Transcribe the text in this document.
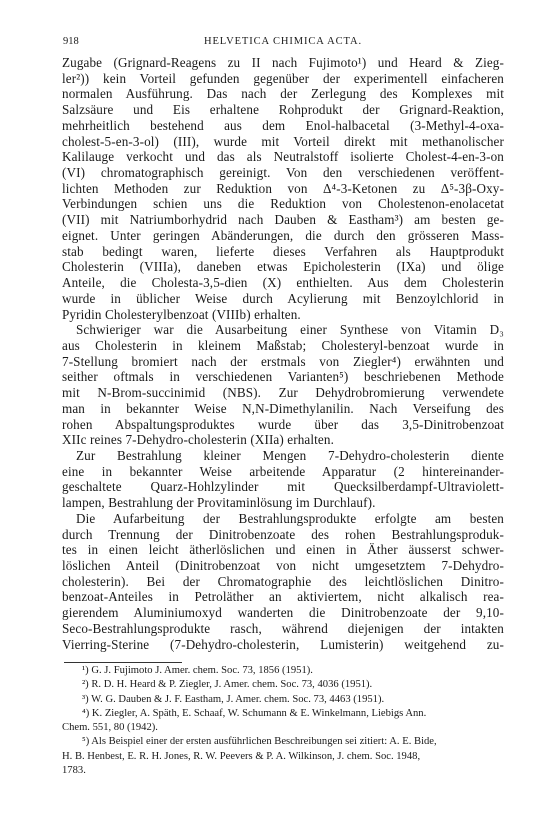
918	HELVETICA CHIMICA ACTA.
Zugabe (Grignard-Reagens zu II nach Fujimoto¹) und Heard & Zieg-
ler²)) kein Vorteil gefunden gegenüber der experimentell einfacheren
normalen Ausführung. Das nach der Zerlegung des Komplexes mit
Salzsäure und Eis erhaltene Rohprodukt der Grignard-Reaktion,
mehrheitlich bestehend aus dem Enol-halbacetal (3-Methyl-4-oxa-
cholest-5-en-3-ol) (III), wurde mit Vorteil direkt mit methanolischer
Kalilauge verkocht und das als Neutralstoff isolierte Cholest-4-en-3-on
(VI) chromatographisch gereinigt. Von den verschiedenen veröffent-
lichten Methoden zur Reduktion von Δ⁴-3-Ketonen zu Δ⁵-3β-Oxy-
Verbindungen schien uns die Reduktion von Cholestenon-enolacetat
(VII) mit Natriumborhydrid nach Dauben & Eastham³) am besten ge-
eignet. Unter geringen Abänderungen, die durch den grösseren Mass-
stab bedingt waren, lieferte dieses Verfahren als Hauptprodukt
Cholesterin (VIIIa), daneben etwas Epicholesterin (IXa) und ölige
Anteile, die Cholesta-3,5-dien (X) enthielten. Aus dem Cholesterin
wurde in üblicher Weise durch Acylierung mit Benzoylchlorid in
Pyridin Cholesterylbenzoat (VIIIb) erhalten.
Schwieriger war die Ausarbeitung einer Synthese von Vitamin D₃
aus Cholesterin in kleinem Maßstab; Cholesteryl-benzoat wurde in
7-Stellung bromiert nach der erstmals von Ziegler⁴) erwähnten und
seither oftmals in verschiedenen Varianten⁵) beschriebenen Methode
mit N-Brom-succinimid (NBS). Zur Dehydrobromierung verwendete
man in bekannter Weise N,N-Dimethylanilin. Nach Verseifung des
rohen Abspaltungsproduktes wurde über das 3,5-Dinitrobenzoat
XIIc reines 7-Dehydro-cholesterin (XIIa) erhalten.
Zur Bestrahlung kleiner Mengen 7-Dehydro-cholesterin diente
eine in bekannter Weise arbeitende Apparatur (2 hintereinander-
geschaltete Quarz-Hohlzylinder mit Quecksilberdampf-Ultraviolett-
lampen, Bestrahlung der Provitaminlösung im Durchlauf).
Die Aufarbeitung der Bestrahlungsprodukte erfolgte am besten
durch Trennung der Dinitrobenzoate des rohen Bestrahlungsproduk-
tes in einen leicht ätherlöslichen und einen in Äther äusserst schwer-
löslichen Anteil (Dinitrobenzoat von nicht umgesetztem 7-Dehydro-
cholesterin). Bei der Chromatographie des leichtlöslichen Dinitro-
benzoat-Anteiles in Petroläther an aktiviertem, nicht alkalisch rea-
gierendem Aluminiumoxyd wanderten die Dinitrobenzoate der 9,10-
Seco-Bestrahlungsprodukte rasch, während diejenigen der intakten
Vierring-Sterine (7-Dehydro-cholesterin, Lumisterin) weitgehend zu-
¹) G. J. Fujimoto J. Amer. chem. Soc. 73, 1856 (1951).
²) R. D. H. Heard & P. Ziegler, J. Amer. chem. Soc. 73, 4036 (1951).
³) W. G. Dauben & J. F. Eastham, J. Amer. chem. Soc. 73, 4463 (1951).
⁴) K. Ziegler, A. Späth, E. Schaaf, W. Schumann & E. Winkelmann, Liebigs Ann.
Chem. 551, 80 (1942).
⁵) Als Beispiel einer der ersten ausführlichen Beschreibungen sei zitiert: A. E. Bide,
H. B. Henbest, E. R. H. Jones, R. W. Peevers & P. A. Wilkinson, J. chem. Soc. 1948,
1783.
